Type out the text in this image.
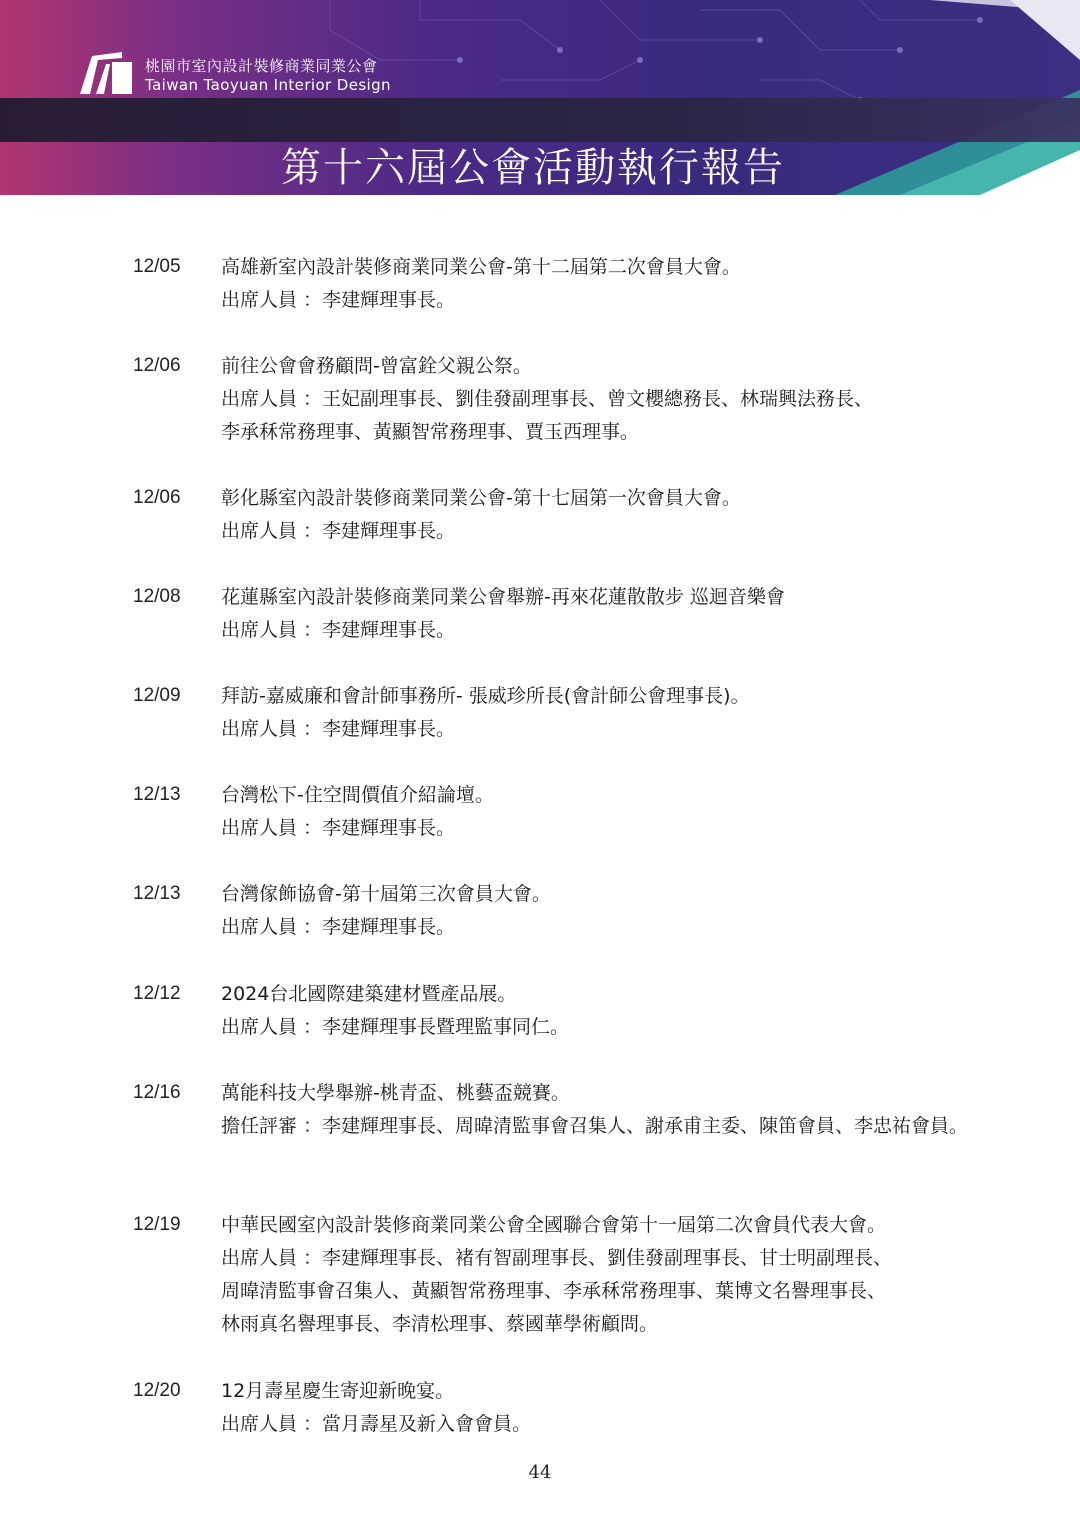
桃園市室內設計裝修商業同業公會
Taiwan Taoyuan Interior Design
第十六屆公會活動執行報告
12/05 高雄新室內設計裝修商業同業公會-第十二屆第二次會員大會。
出席人員 ：李建輝理事長。
12/06 前往公會會務顧問-曾富銓父親公祭。
出席人員 ：王妃副理事長、劉佳發副理事長、曾文櫻總務長、林瑞興法務長、
李承秝常務理事、黃顯智常務理事、賈玉西理事。
12/06 彰化縣室內設計裝修商業同業公會-第十七屆第一次會員大會。
出席人員 ：李建輝理事長。
12/08 花蓮縣室內設計裝修商業同業公會舉辦-再來花蓮散散步 巡迴音樂會
出席人員 ：李建輝理事長。
12/09 拜訪-嘉威廉和會計師事務所- 張威珍所長(會計師公會理事長)。
出席人員 ：李建輝理事長。
12/13 台灣松下-住空間價值介紹論壇。
出席人員 ：李建輝理事長。
12/13 台灣傢飾協會-第十屆第三次會員大會。
出席人員 ：李建輝理事長。
12/12 2024台北國際建築建材暨產品展。
出席人員 ：李建輝理事長暨理監事同仁。
12/16 萬能科技大學舉辦-桃青盃、桃藝盃競賽。
擔任評審 ：李建輝理事長、周暐清監事會召集人、謝承甫主委、陳笛會員、李忠祐會員。
12/19 中華民國室內設計裝修商業同業公會全國聯合會第十一屆第二次會員代表大會。
出席人員 ：李建輝理事長、褚有智副理事長、劉佳發副理事長、甘士明副理長、
周暐清監事會召集人、黃顯智常務理事、李承秝常務理事、葉博文名譽理事長、
林雨真名譽理事長、李清松理事、蔡國華學術顧問。
12/20 12月壽星慶生寄迎新晚宴。
出席人員 ：當月壽星及新入會會員。
44
